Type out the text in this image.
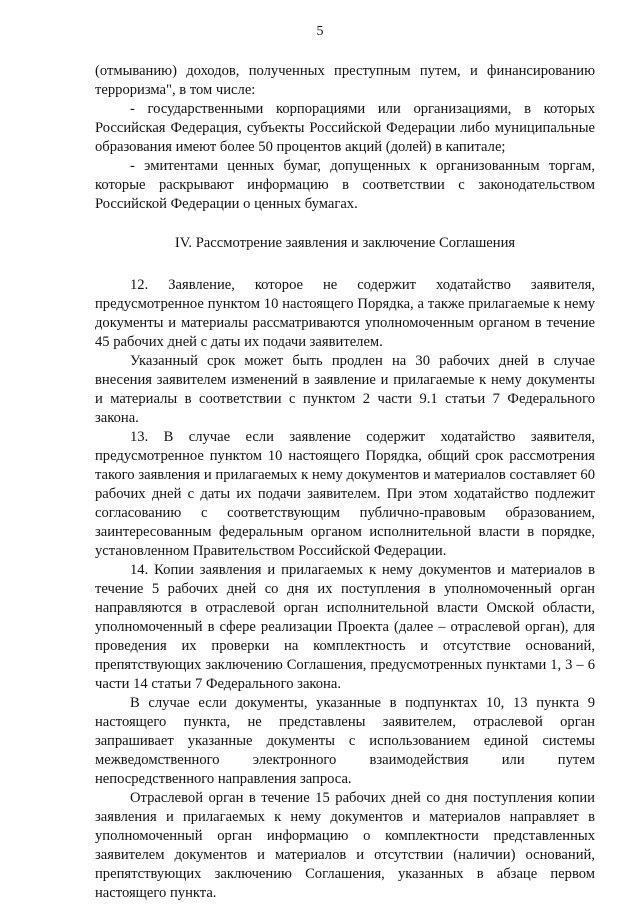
5

(отмыванию) доходов, полученных преступным путем, и финансированию терроризма", в том числе:

- государственными корпорациями или организациями, в которых Российская Федерация, субъекты Российской Федерации либо муниципальные образования имеют более 50 процентов акций (долей) в капитале;

- эмитентами ценных бумаг, допущенных к организованным торгам, которые раскрывают информацию в соответствии с законодательством Российской Федерации о ценных бумагах.

IV. Рассмотрение заявления и заключение Соглашения

12. Заявление, которое не содержит ходатайство заявителя, предусмотренное пунктом 10 настоящего Порядка, а также прилагаемые к нему документы и материалы рассматриваются уполномоченным органом в течение 45 рабочих дней с даты их подачи заявителем.

Указанный срок может быть продлен на 30 рабочих дней в случае внесения заявителем изменений в заявление и прилагаемые к нему документы и материалы в соответствии с пунктом 2 части 9.1 статьи 7 Федерального закона.

13. В случае если заявление содержит ходатайство заявителя, предусмотренное пунктом 10 настоящего Порядка, общий срок рассмотрения такого заявления и прилагаемых к нему документов и материалов составляет 60 рабочих дней с даты их подачи заявителем. При этом ходатайство подлежит согласованию с соответствующим публично-правовым образованием, заинтересованным федеральным органом исполнительной власти в порядке, установленном Правительством Российской Федерации.

14. Копии заявления и прилагаемых к нему документов и материалов в течение 5 рабочих дней со дня их поступления в уполномоченный орган направляются в отраслевой орган исполнительной власти Омской области, уполномоченный в сфере реализации Проекта (далее – отраслевой орган), для проведения их проверки на комплектность и отсутствие оснований, препятствующих заключению Соглашения, предусмотренных пунктами 1, 3 – 6 части 14 статьи 7 Федерального закона.

В случае если документы, указанные в подпунктах 10, 13 пункта 9 настоящего пункта, не представлены заявителем, отраслевой орган запрашивает указанные документы с использованием единой системы межведомственного электронного взаимодействия или путем непосредственного направления запроса.

Отраслевой орган в течение 15 рабочих дней со дня поступления копии заявления и прилагаемых к нему документов и материалов направляет в уполномоченный орган информацию о комплектности представленных заявителем документов и материалов и отсутствии (наличии) оснований, препятствующих заключению Соглашения, указанных в абзаце первом настоящего пункта.
